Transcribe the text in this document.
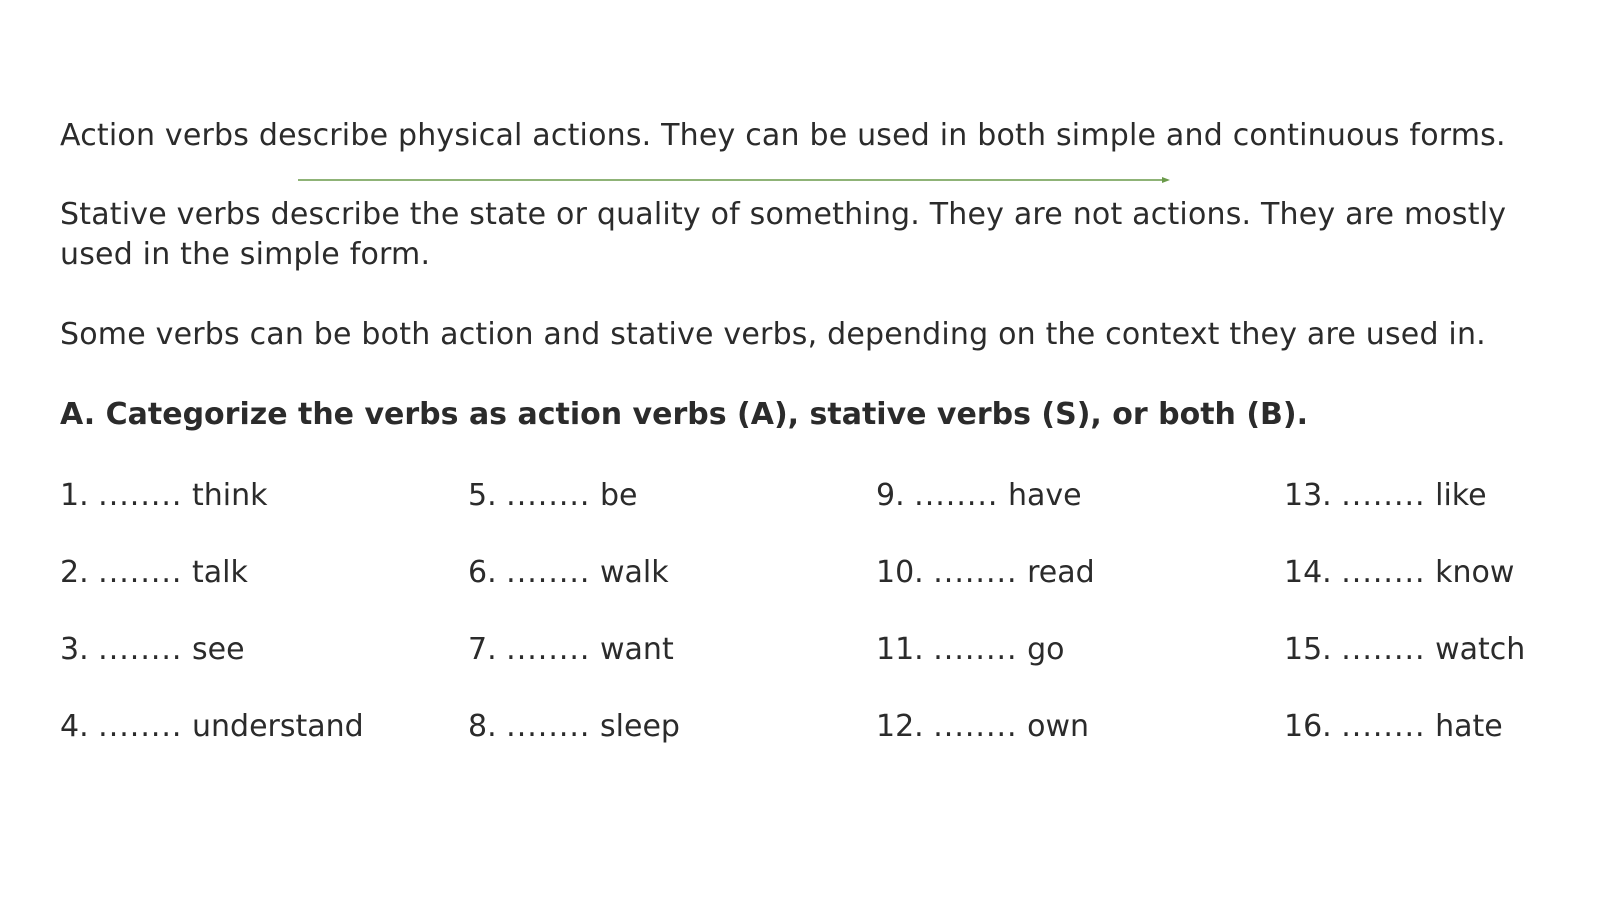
Action verbs describe physical actions. They can be used in both simple and continuous forms.

Stative verbs describe the state or quality of something. They are not actions. They are mostly used in the simple form.

Some verbs can be both action and stative verbs, depending on the context they are used in.

A. Categorize the verbs as action verbs (A), stative verbs (S), or both (B).

1. ........ think
2. ........ talk
3. ........ see
4. ........ understand
5. ........ be
6. ........ walk
7. ........ want
8. ........ sleep
9. ........ have
10. ........ read
11. ........ go
12. ........ own
13. ........ like
14. ........ know
15. ........ watch
16. ........ hate
